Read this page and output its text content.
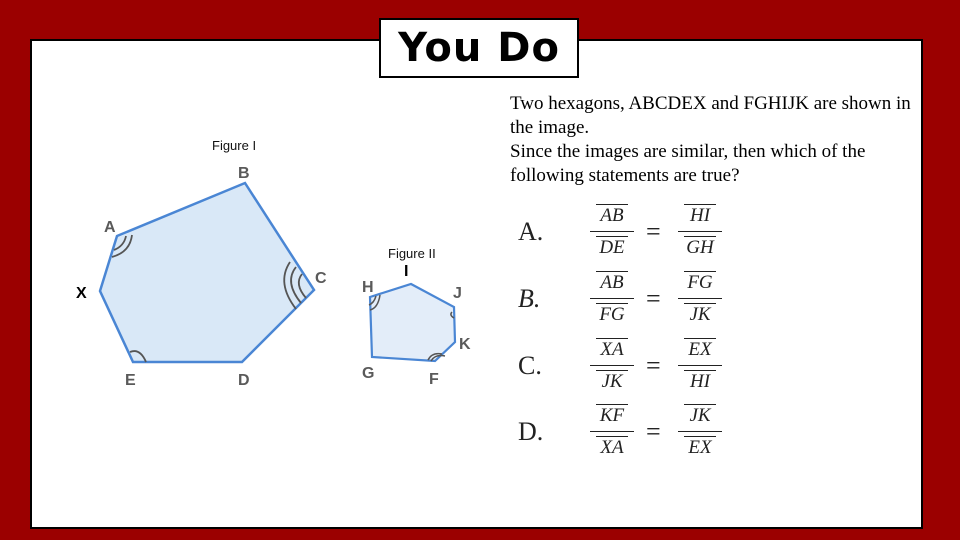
You Do

Two hexagons, ABCDEX and FGHIJK are shown in the image.

Since the images are similar, then which of the following statements are true?

Figure I
A
B
C
D
E
X
Figure II
H
I
J
K
F
G
A.
AB
DE
=
HI
GH
B.
AB
FG
=
FG
JK
C.
XA
JK
=
EX
HI
D.
KF
XA
=
JK
EX
